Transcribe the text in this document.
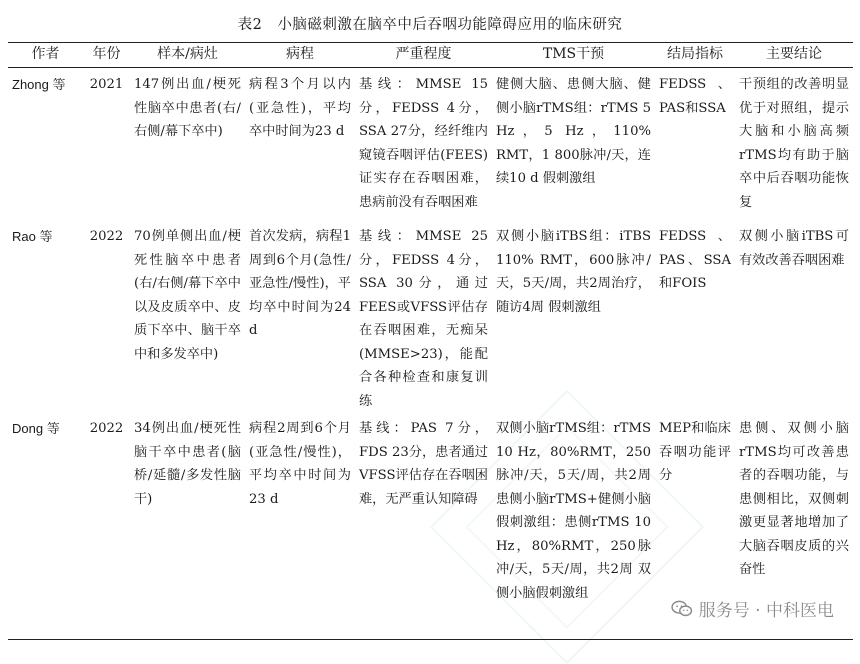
表2　小脑磁刺激在脑卒中后吞咽功能障碍应用的临床研究
作者	年份	样本/病灶	病程	严重程度	TMS干预	结局指标	主要结论
Zhong 等	2021	147例出血/梗死性脑卒中患者(右/右侧/幕下卒中)	病程3个月以内(亚急性)，平均卒中时间为23 d	基线：MMSE 15分，FEDSS 4分，SSA 27分，经纤维内窥镜吞咽评估(FEES)证实存在吞咽困难，患病前没有吞咽困难	健侧大脑、患侧大脑、健侧小脑rTMS组：rTMS 5 Hz，5 Hz，110% RMT，1 800脉冲/天，连续10 d 假刺激组	FEDSS、PAS和SSA	干预组的改善明显优于对照组，提示大脑和小脑高频rTMS均有助于脑卒中后吞咽功能恢复
Rao 等	2022	70例单侧出血/梗死性脑卒中患者(右/右侧/幕下卒中以及皮质卒中、皮质下卒中、脑干卒中和多发卒中)	首次发病，病程1周到6个月(急性/亚急性/慢性)，平均卒中时间为24 d	基线：MMSE 25分，FEDSS 4分，SSA 30分，通过FEES或VFSS评估存在吞咽困难，无痴呆(MMSE>23)，能配合各种检查和康复训练	双侧小脑iTBS组：iTBS 110% RMT，600脉冲/天，5天/周，共2周治疗，随访4周 假刺激组	FEDSS、PAS、SSA和FOIS	双侧小脑iTBS可有效改善吞咽困难
Dong 等	2022	34例出血/梗死性脑干卒中患者(脑桥/延髓/多发性脑干)	病程2周到6个月(亚急性/慢性)，平均卒中时间为23 d	基线：PAS 7分，FDS 23分，患者通过VFSS评估存在吞咽困难，无严重认知障碍	双侧小脑rTMS组：rTMS 10 Hz，80%RMT，250脉冲/天，5天/周，共2周 患侧小脑rTMS+健侧小脑假刺激组：患侧rTMS 10 Hz，80%RMT，250脉冲/天，5天/周，共2周 双侧小脑假刺激组	MEP和临床吞咽功能评分	患侧、双侧小脑rTMS均可改善患者的吞咽功能，与患侧相比，双侧刺激更显著地增加了大脑吞咽皮质的兴奋性
服务号 · 中科医电
